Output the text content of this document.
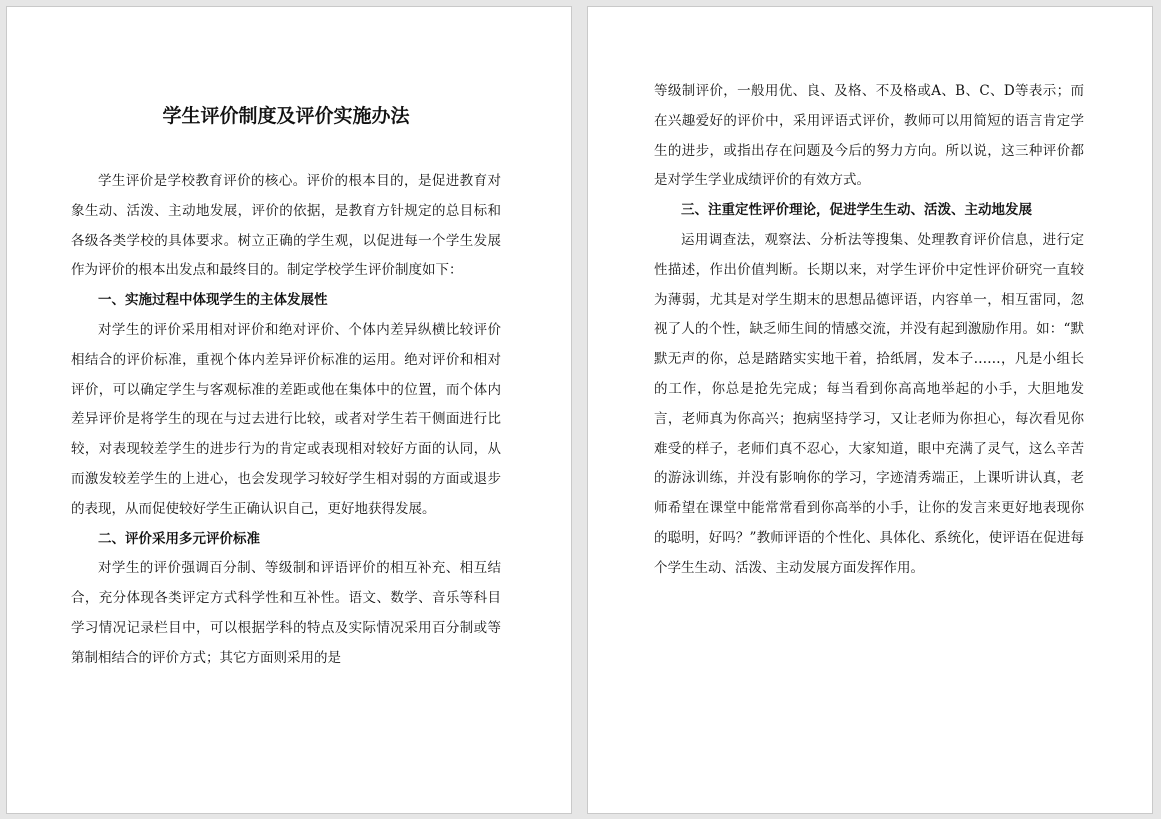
学生评价制度及评价实施办法

学生评价是学校教育评价的核心。评价的根本目的，是促进教育对象生动、活泼、主动地发展，评价的依据，是教育方针规定的总目标和各级各类学校的具体要求。树立正确的学生观，以促进每一个学生发展作为评价的根本出发点和最终目的。制定学校学生评价制度如下：

一、实施过程中体现学生的主体发展性

对学生的评价采用相对评价和绝对评价、个体内差异纵横比较评价相结合的评价标准，重视个体内差异评价标准的运用。绝对评价和相对评价，可以确定学生与客观标准的差距或他在集体中的位置，而个体内差异评价是将学生的现在与过去进行比较，或者对学生若干侧面进行比较，对表现较差学生的进步行为的肯定或表现相对较好方面的认同，从而激发较差学生的上进心，也会发现学习较好学生相对弱的方面或退步的表现，从而促使较好学生正确认识自己，更好地获得发展。

二、评价采用多元评价标准

对学生的评价强调百分制、等级制和评语评价的相互补充、相互结合，充分体现各类评定方式科学性和互补性。语文、数学、音乐等科目学习情况记录栏目中，可以根据学科的特点及实际情况采用百分制或等第制相结合的评价方式；其它方面则采用的是

等级制评价，一般用优、良、及格、不及格或A、B、C、D等表示；而在兴趣爱好的评价中，采用评语式评价，教师可以用简短的语言肯定学生的进步，或指出存在问题及今后的努力方向。所以说，这三种评价都是对学生学业成绩评价的有效方式。

三、注重定性评价理论，促进学生生动、活泼、主动地发展

运用调查法，观察法、分析法等搜集、处理教育评价信息，进行定性描述，作出价值判断。长期以来，对学生评价中定性评价研究一直较为薄弱，尤其是对学生期末的思想品德评语，内容单一，相互雷同，忽视了人的个性，缺乏师生间的情感交流，并没有起到激励作用。如：“默默无声的你，总是踏踏实实地干着，拾纸屑，发本子……，凡是小组长的工作，你总是抢先完成；每当看到你高高地举起的小手，大胆地发言，老师真为你高兴；抱病坚持学习，又让老师为你担心，每次看见你难受的样子，老师们真不忍心，大家知道，眼中充满了灵气，这么辛苦的游泳训练，并没有影响你的学习，字迹清秀端正，上课听讲认真，老师希望在课堂中能常常看到你高举的小手，让你的发言来更好地表现你的聪明，好吗？”教师评语的个性化、具体化、系统化，使评语在促进每个学生生动、活泼、主动发展方面发挥作用。
